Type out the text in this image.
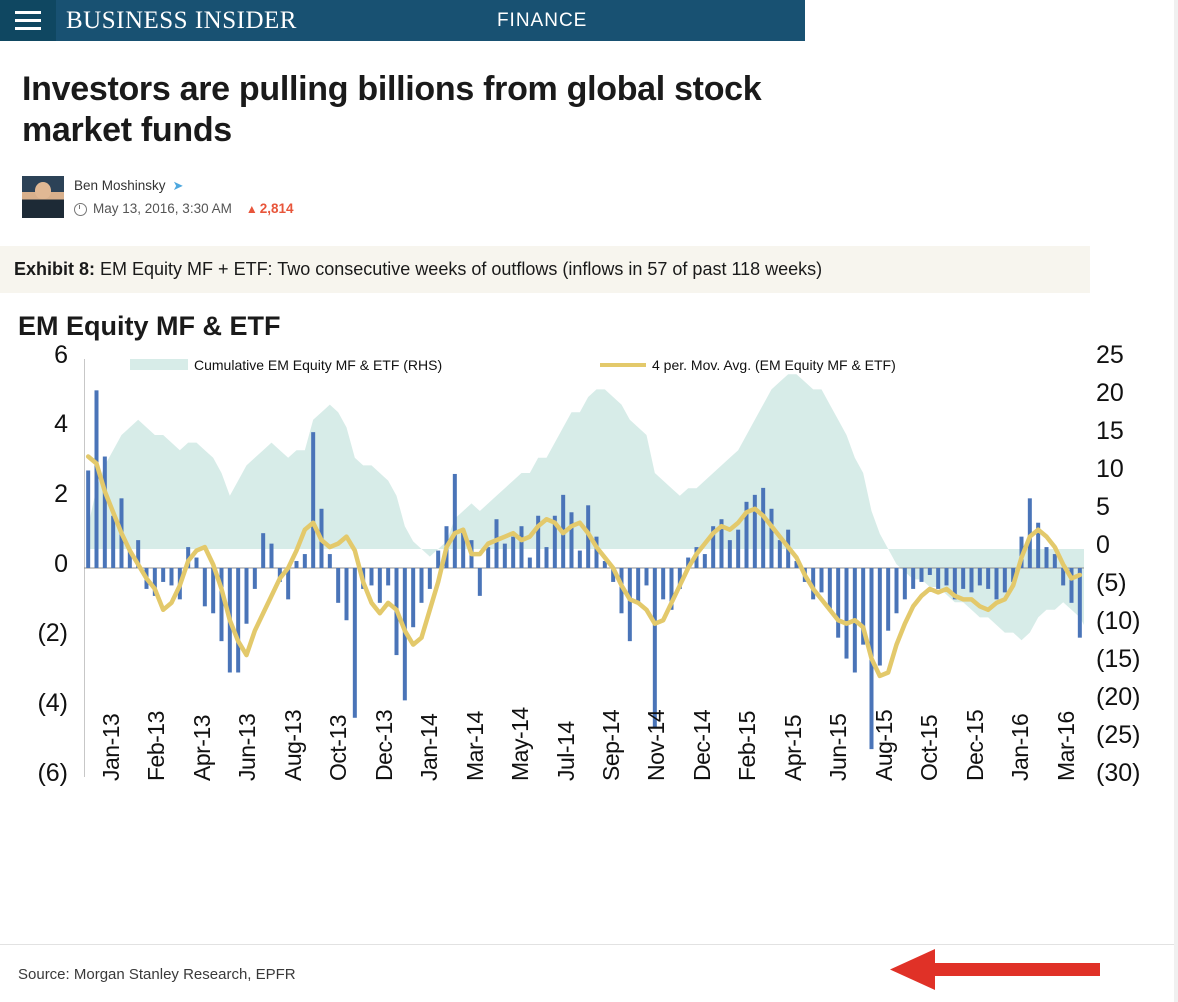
BUSINESS INSIDER	FINANCE
Investors are pulling billions from global stock market funds
Ben Moshinsky ➤
May 13, 2016, 3:30 AM ▲ 2,814
Exhibit 8: EM Equity MF + ETF: Two consecutive weeks of outflows (inflows in 57 of past 118 weeks)
EM Equity MF & ETF
Cumulative EM Equity MF & ETF (RHS)	4 per. Mov. Avg. (EM Equity MF & ETF)
Jan-13 Feb-13 Apr-13 Jun-13 Aug-13 Oct-13 Dec-13 Jan-14 Mar-14 May-14 Jul-14 Sep-14 Nov-14 Dec-14 Feb-15 Apr-15 Jun-15 Aug-15 Oct-15 Dec-15 Jan-16 Mar-16
6
4
2
0
(2)
(4)
(6)
25
20
15
10
5
0
(5)
(10)
(15)
(20)
(25)
(30)
Source: Morgan Stanley Research, EPFR
